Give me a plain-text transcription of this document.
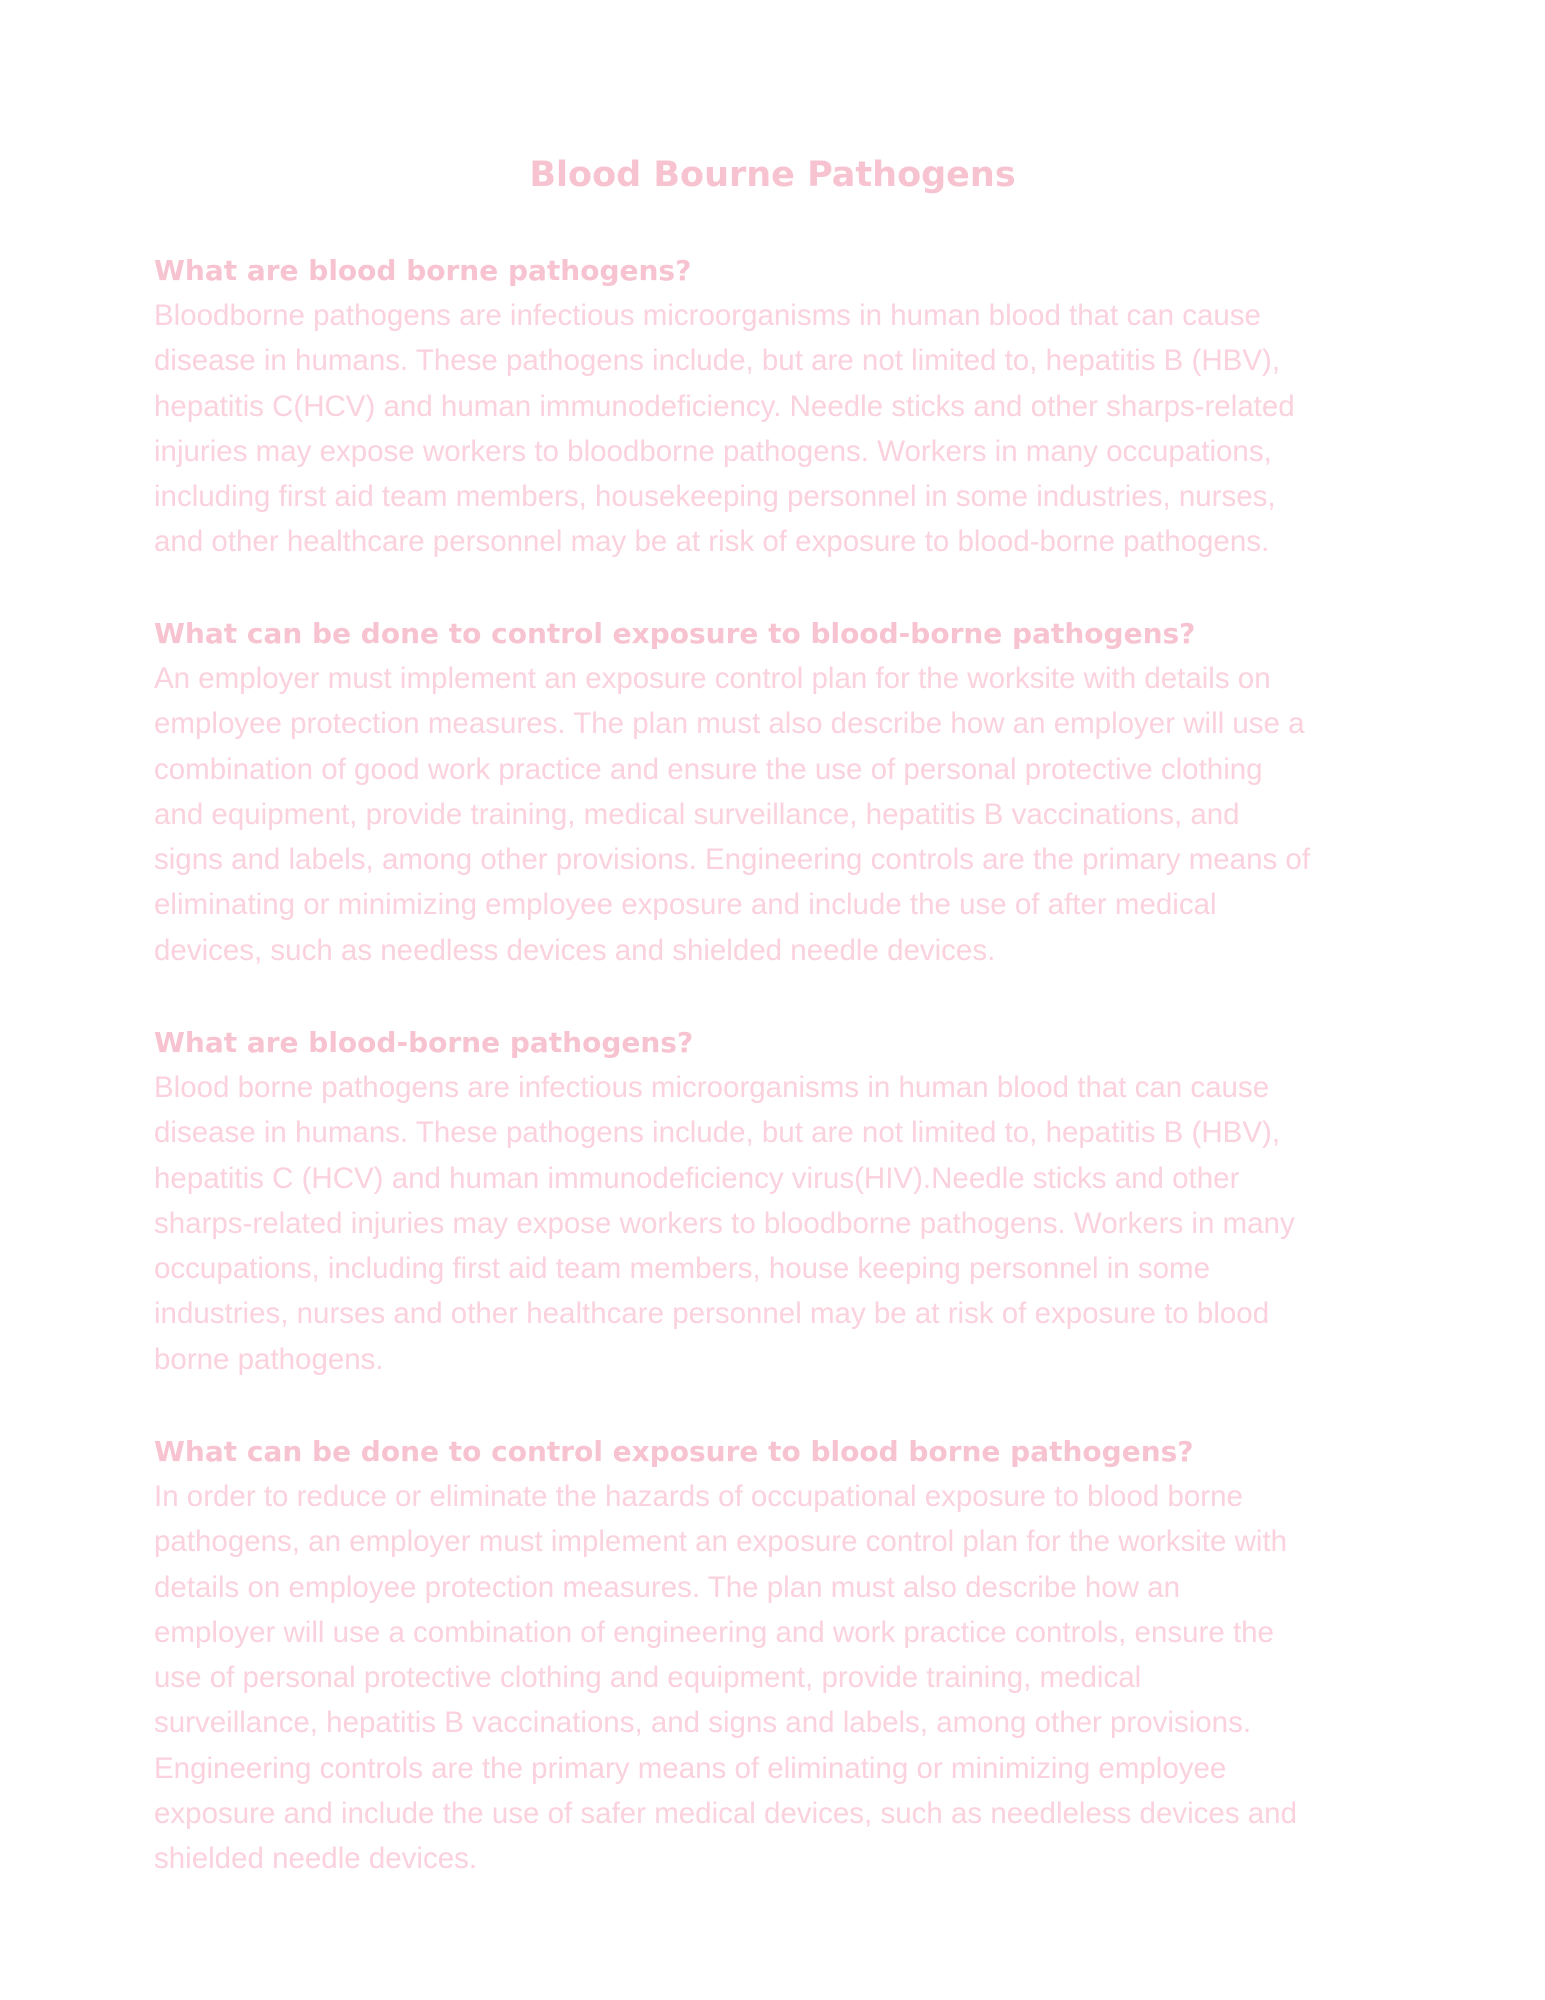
Blood Bourne Pathogens
What are blood borne pathogens?

Bloodborne pathogens are infectious microorganisms in human blood that can cause
disease in humans. These pathogens include, but are not limited to, hepatitis B (HBV),
hepatitis C(HCV) and human immunodeficiency. Needle sticks and other sharps-related
injuries may expose workers to bloodborne pathogens. Workers in many occupations,
including first aid team members, housekeeping personnel in some industries, nurses,
and other healthcare personnel may be at risk of exposure to blood-borne pathogens.

What can be done to control exposure to blood-borne pathogens?

An employer must implement an exposure control plan for the worksite with details on
employee protection measures. The plan must also describe how an employer will use a
combination of good work practice and ensure the use of personal protective clothing
and equipment, provide training, medical surveillance, hepatitis B vaccinations, and
signs and labels, among other provisions. Engineering controls are the primary means of
eliminating or minimizing employee exposure and include the use of after medical
devices, such as needless devices and shielded needle devices.

What are blood-borne pathogens?

Blood borne pathogens are infectious microorganisms in human blood that can cause
disease in humans. These pathogens include, but are not limited to, hepatitis B (HBV),
hepatitis C (HCV) and human immunodeficiency virus(HIV).Needle sticks and other
sharps-related injuries may expose workers to bloodborne pathogens. Workers in many
occupations, including first aid team members, house keeping personnel in some
industries, nurses and other healthcare personnel may be at risk of exposure to blood
borne pathogens.

What can be done to control exposure to blood borne pathogens?

In order to reduce or eliminate the hazards of occupational exposure to blood borne
pathogens, an employer must implement an exposure control plan for the worksite with
details on employee protection measures. The plan must also describe how an
employer will use a combination of engineering and work practice controls, ensure the
use of personal protective clothing and equipment, provide training, medical
surveillance, hepatitis B vaccinations, and signs and labels, among other provisions.
Engineering controls are the primary means of eliminating or minimizing employee
exposure and include the use of safer medical devices, such as needleless devices and
shielded needle devices.
